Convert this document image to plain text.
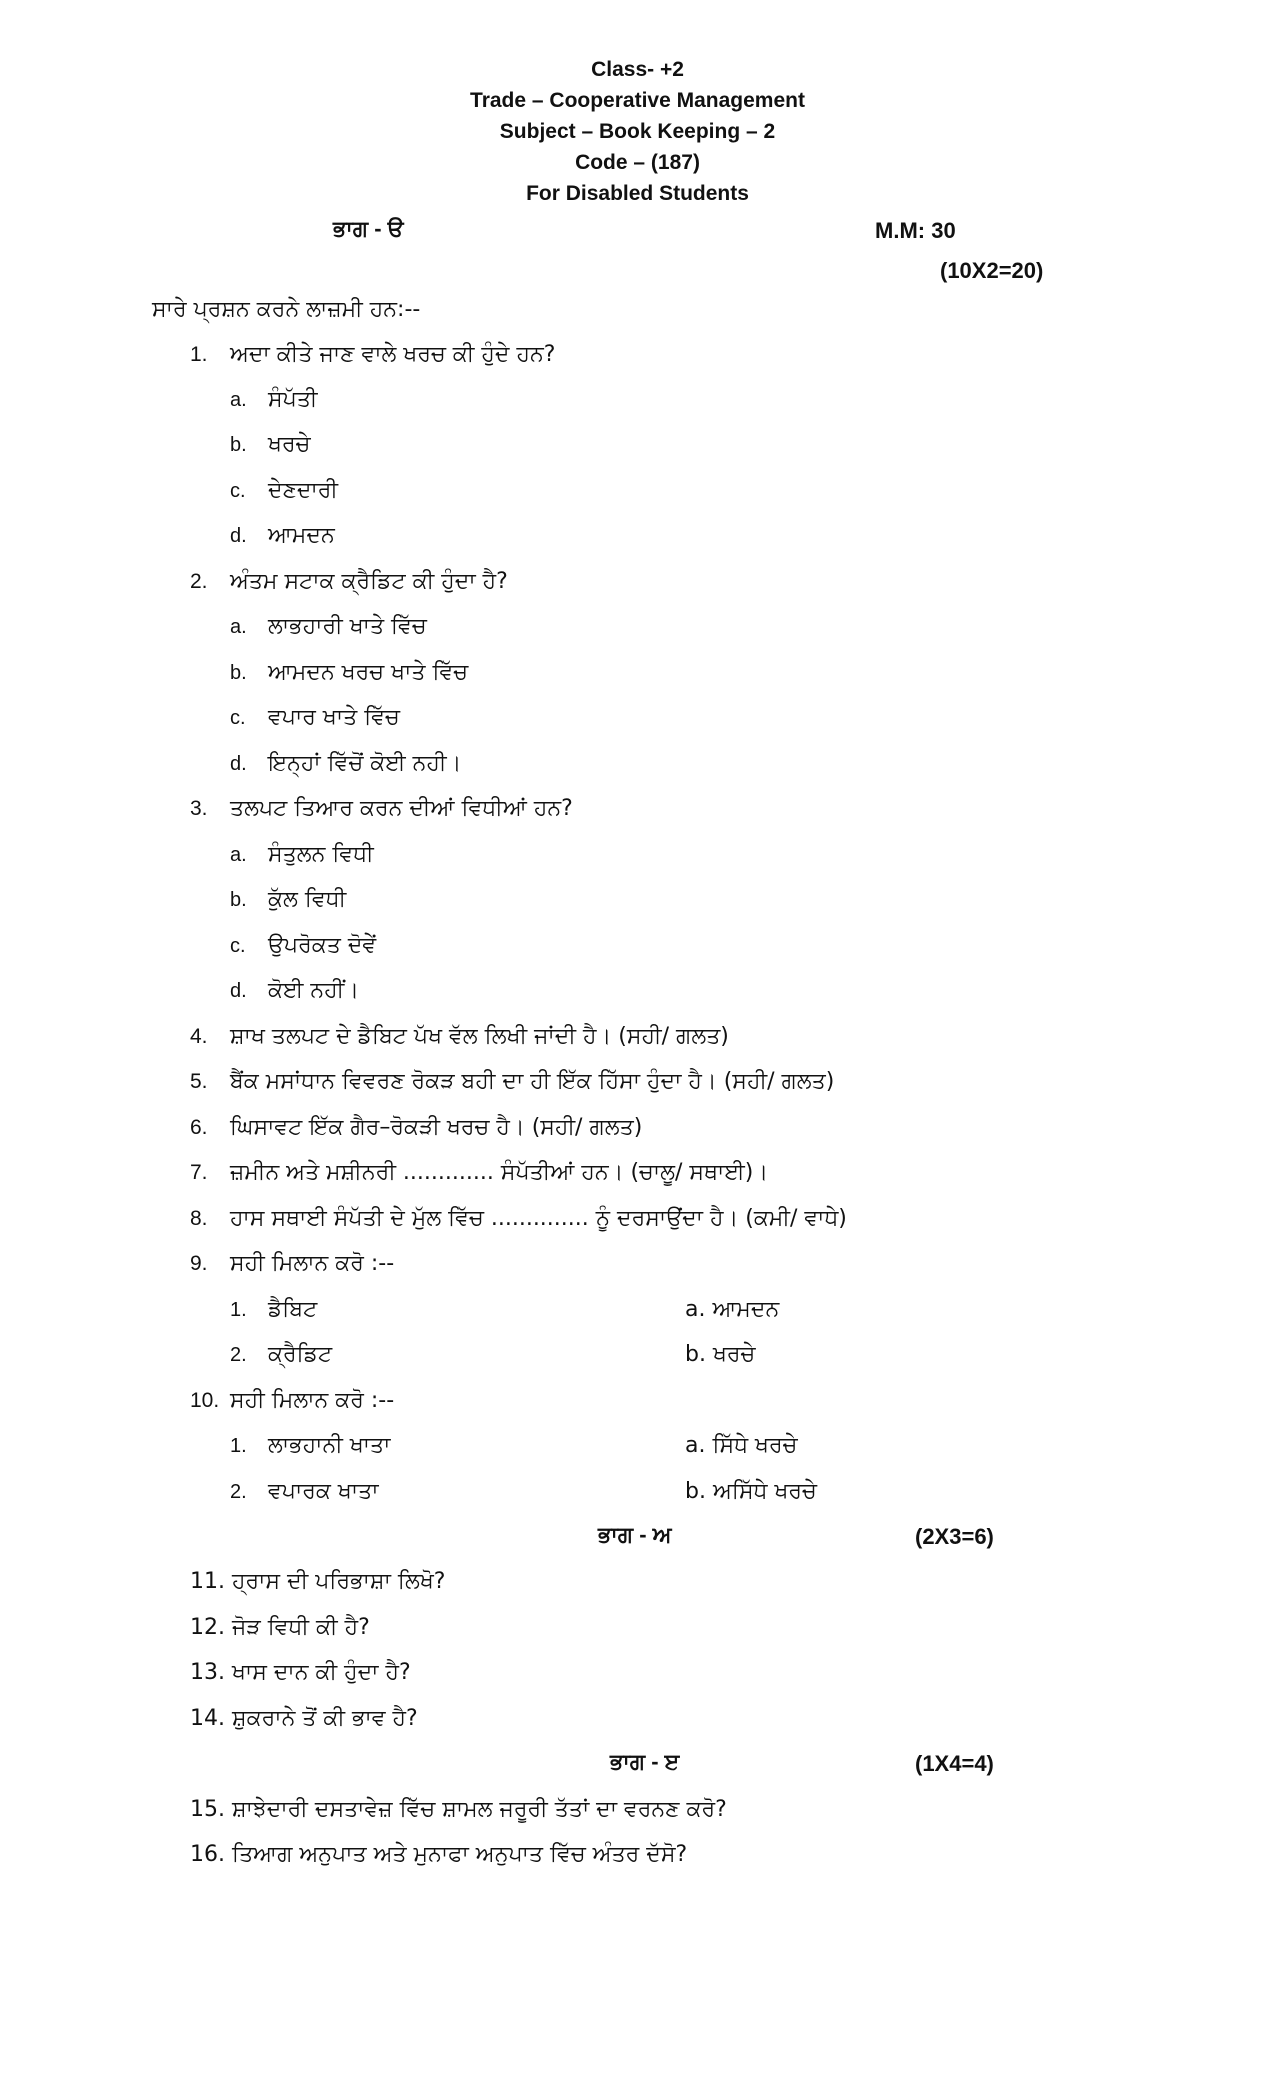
Class- +2
Trade – Cooperative Management
Subject – Book Keeping – 2
Code – (187)
For Disabled Students
ਭਾਗ - ੳ	M.M: 30
(10X2=20)
ਸਾਰੇ ਪ੍ਰਸ਼ਨ ਕਰਨੇ ਲਾਜ਼ਮੀ ਹਨ:--
1. ਅਦਾ ਕੀਤੇ ਜਾਣ ਵਾਲੇ ਖਰਚ ਕੀ ਹੁੰਦੇ ਹਨ?
a. ਸੰਪੱਤੀ
b. ਖਰਚੇ
c. ਦੇਣਦਾਰੀ
d. ਆਮਦਨ
2. ਅੰਤਮ ਸਟਾਕ ਕ੍ਰੈਡਿਟ ਕੀ ਹੁੰਦਾ ਹੈ?
a. ਲਾਭਹਾਰੀ ਖਾਤੇ ਵਿੱਚ
b. ਆਮਦਨ ਖਰਚ ਖਾਤੇ ਵਿੱਚ
c. ਵਪਾਰ ਖਾਤੇ ਵਿੱਚ
d. ਇਨ੍ਹਾਂ ਵਿੱਚੋਂ ਕੋਈ ਨਹੀ।
3. ਤਲਪਟ ਤਿਆਰ ਕਰਨ ਦੀਆਂ ਵਿਧੀਆਂ ਹਨ?
a. ਸੰਤੁਲਨ ਵਿਧੀ
b. ਕੁੱਲ ਵਿਧੀ
c. ਉਪਰੋਕਤ ਦੋਵੇਂ
d. ਕੋਈ ਨਹੀਂ।
4. ਸ਼ਾਖ ਤਲਪਟ ਦੇ ਡੈਬਿਟ ਪੱਖ ਵੱਲ ਲਿਖੀ ਜਾਂਦੀ ਹੈ। (ਸਹੀ/ ਗਲਤ)
5. ਬੈਂਕ ਮਸਾਂਧਾਨ ਵਿਵਰਣ ਰੋਕੜ ਬਹੀ ਦਾ ਹੀ ਇੱਕ ਹਿੱਸਾ ਹੁੰਦਾ ਹੈ। (ਸਹੀ/ ਗਲਤ)
6. ਘਿਸਾਵਟ ਇੱਕ ਗੈਰ–ਰੋਕੜੀ ਖਰਚ ਹੈ। (ਸਹੀ/ ਗਲਤ)
7. ਜ਼ਮੀਨ ਅਤੇ ਮਸ਼ੀਨਰੀ ............. ਸੰਪੱਤੀਆਂ ਹਨ। (ਚਾਲੂ/ ਸਥਾਈ)।
8. ਹਾਸ ਸਥਾਈ ਸੰਪੱਤੀ ਦੇ ਮੁੱਲ ਵਿੱਚ .............. ਨੂੰ ਦਰਸਾਉਂਦਾ ਹੈ। (ਕਮੀ/ ਵਾਧੇ)
9. ਸਹੀ ਮਿਲਾਨ ਕਰੋ :--
1. ਡੈਬਿਟ	a. ਆਮਦਨ
2. ਕ੍ਰੈਡਿਟ	b. ਖਰਚੇ
10. ਸਹੀ ਮਿਲਾਨ ਕਰੋ :--
1. ਲਾਭਹਾਨੀ ਖਾਤਾ	a. ਸਿੱਧੇ ਖਰਚੇ
2. ਵਪਾਰਕ ਖਾਤਾ	b. ਅਸਿੱਧੇ ਖਰਚੇ
ਭਾਗ - ਅ	(2X3=6)
11. ਹ੍ਰਾਸ ਦੀ ਪਰਿਭਾਸ਼ਾ ਲਿਖੋ?
12. ਜੋੜ ਵਿਧੀ ਕੀ ਹੈ?
13. ਖਾਸ ਦਾਨ ਕੀ ਹੁੰਦਾ ਹੈ?
14. ਸ਼ੁਕਰਾਨੇ ਤੋਂ ਕੀ ਭਾਵ ਹੈ?
ਭਾਗ - ੲ	(1X4=4)
15. ਸ਼ਾਝੇਦਾਰੀ ਦਸਤਾਵੇਜ਼ ਵਿੱਚ ਸ਼ਾਮਲ ਜਰੂਰੀ ਤੱਤਾਂ ਦਾ ਵਰਨਣ ਕਰੋ?
16. ਤਿਆਗ ਅਨੁਪਾਤ ਅਤੇ ਮੁਨਾਫਾ ਅਨੁਪਾਤ ਵਿੱਚ ਅੰਤਰ ਦੱਸੋ?
